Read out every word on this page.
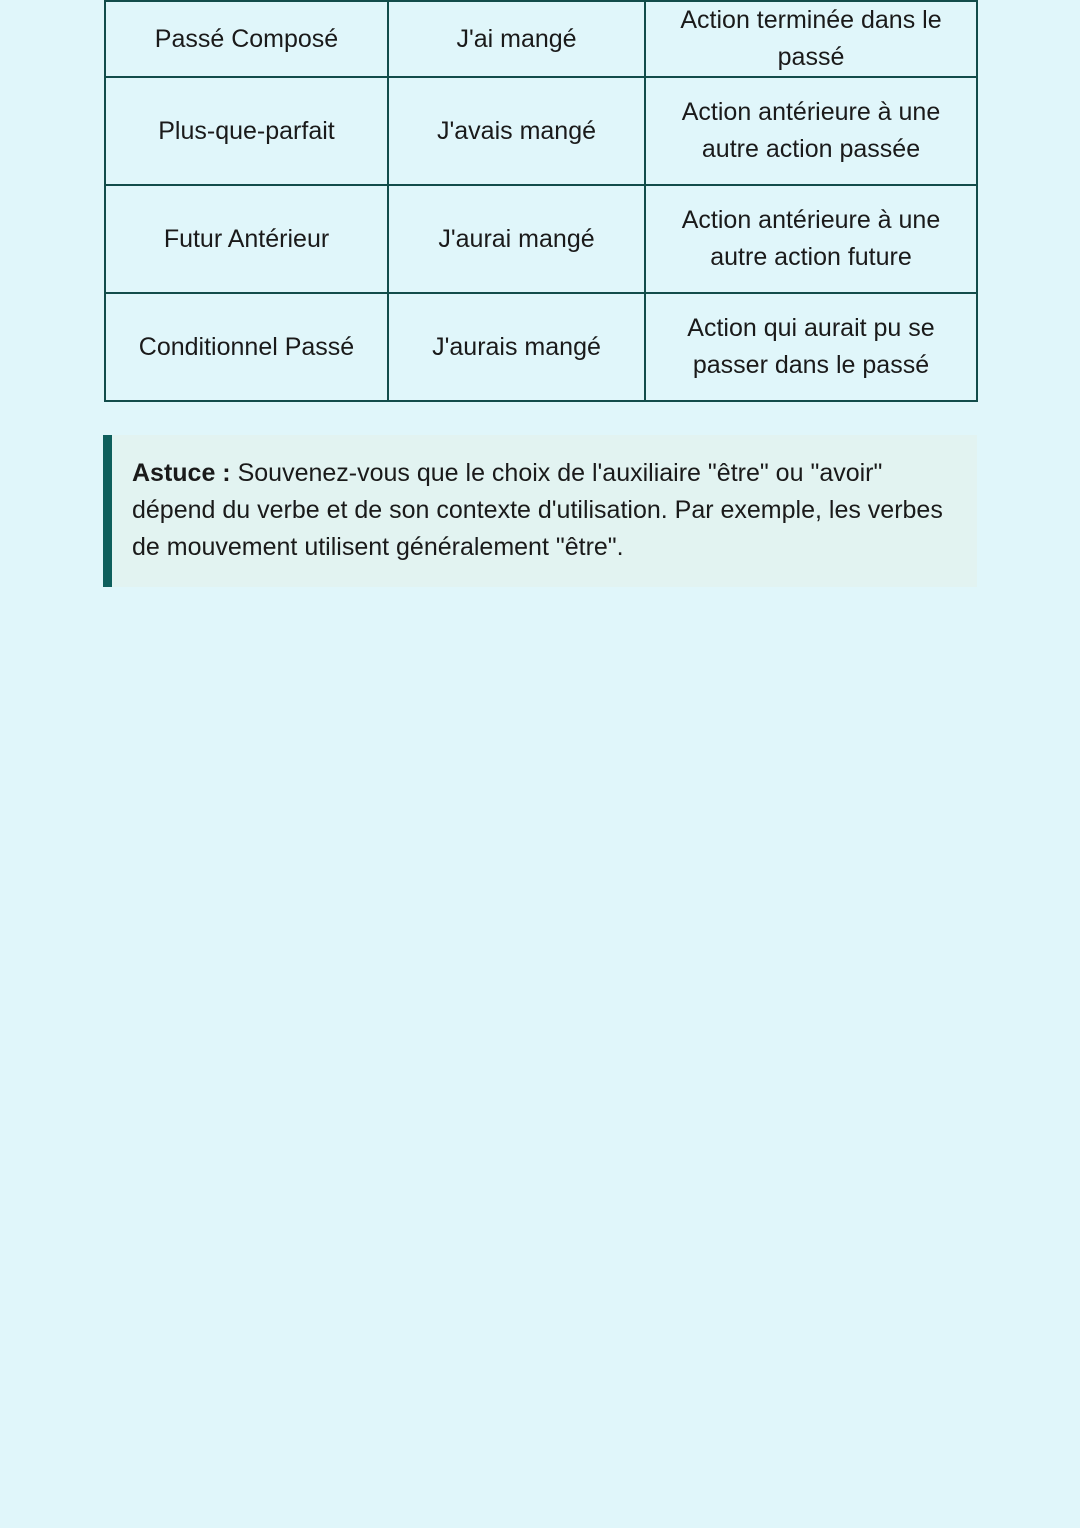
Passé Composé	J'ai mangé	Action terminée dans le passé
Plus-que-parfait	J'avais mangé	Action antérieure à une autre action passée
Futur Antérieur	J'aurai mangé	Action antérieure à une autre action future
Conditionnel Passé	J'aurais mangé	Action qui aurait pu se passer dans le passé
Astuce : Souvenez-vous que le choix de l'auxiliaire "être" ou "avoir" dépend du verbe et de son contexte d'utilisation. Par exemple, les verbes de mouvement utilisent généralement "être".
